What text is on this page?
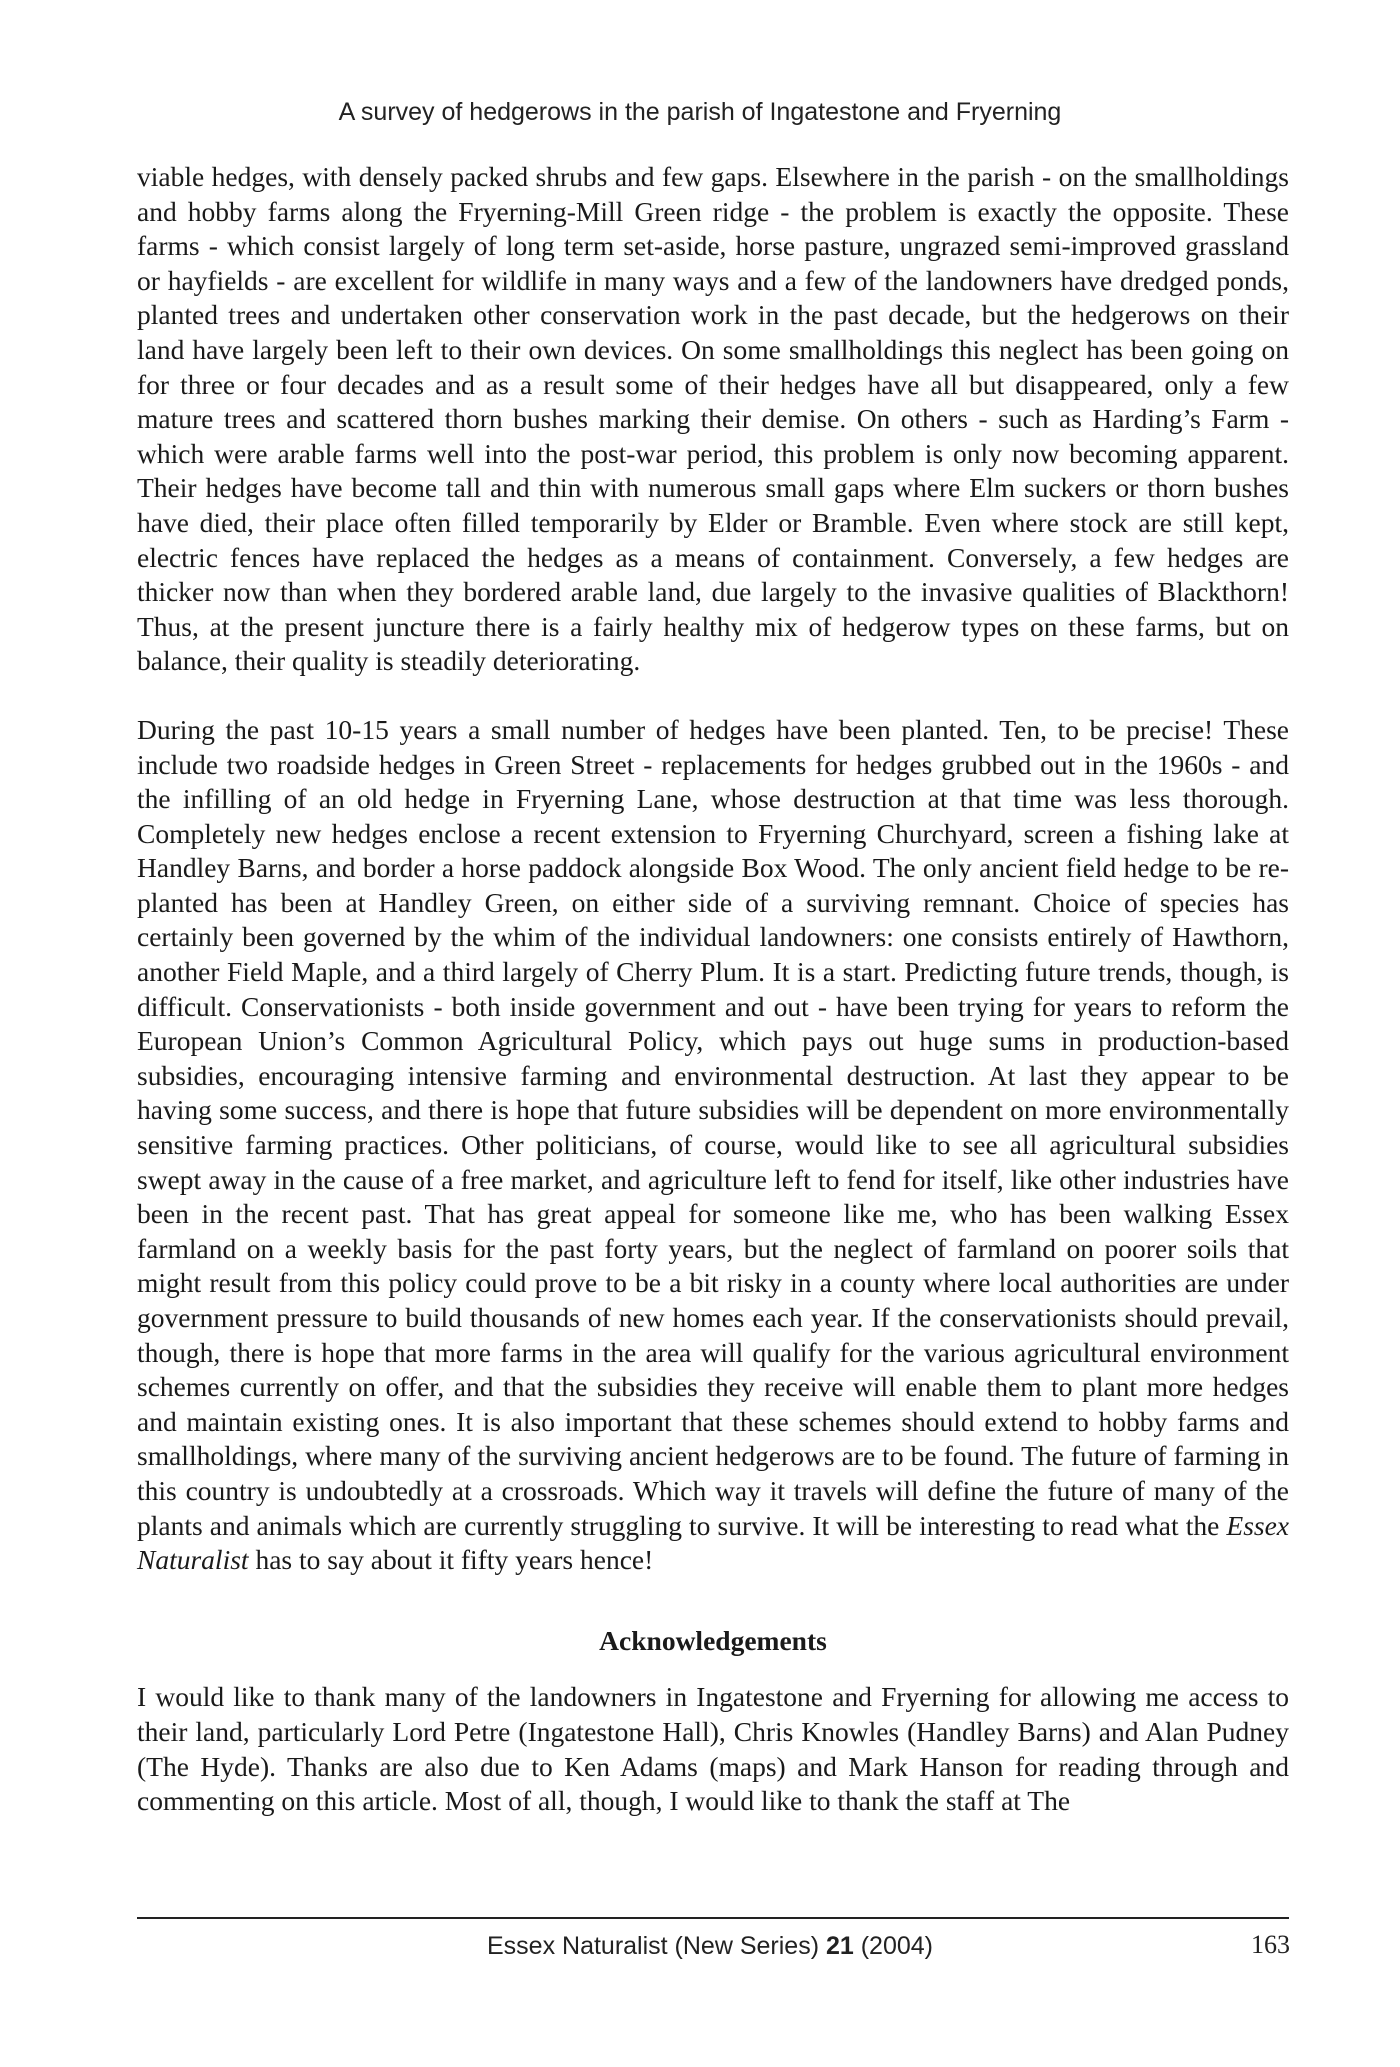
A survey of hedgerows in the parish of Ingatestone and Fryerning

viable hedges, with densely packed shrubs and few gaps. Elsewhere in the parish - on the smallholdings and hobby farms along the Fryerning-Mill Green ridge - the problem is exactly the opposite. These farms - which consist largely of long term set-aside, horse pasture, ungrazed semi-improved grassland or hayfields - are excellent for wildlife in many ways and a few of the landowners have dredged ponds, planted trees and undertaken other conservation work in the past decade, but the hedgerows on their land have largely been left to their own devices. On some smallholdings this neglect has been going on for three or four decades and as a result some of their hedges have all but disappeared, only a few mature trees and scattered thorn bushes marking their demise. On others - such as Harding’s Farm - which were arable farms well into the post-war period, this problem is only now becoming apparent. Their hedges have become tall and thin with numerous small gaps where Elm suckers or thorn bushes have died, their place often filled temporarily by Elder or Bramble. Even where stock are still kept, electric fences have replaced the hedges as a means of containment. Conversely, a few hedges are thicker now than when they bordered arable land, due largely to the invasive qualities of Blackthorn! Thus, at the present juncture there is a fairly healthy mix of hedgerow types on these farms, but on balance, their quality is steadily deteriorating.

During the past 10-15 years a small number of hedges have been planted. Ten, to be precise! These include two roadside hedges in Green Street - replacements for hedges grubbed out in the 1960s - and the infilling of an old hedge in Fryerning Lane, whose destruction at that time was less thorough. Completely new hedges enclose a recent extension to Fryerning Churchyard, screen a fishing lake at Handley Barns, and border a horse paddock alongside Box Wood. The only ancient field hedge to be re-planted has been at Handley Green, on either side of a surviving remnant. Choice of species has certainly been governed by the whim of the individual landowners: one consists entirely of Hawthorn, another Field Maple, and a third largely of Cherry Plum. It is a start. Predicting future trends, though, is difficult. Conservationists - both inside government and out - have been trying for years to reform the European Union’s Common Agricultural Policy, which pays out huge sums in production-based subsidies, encouraging intensive farming and environmental destruction. At last they appear to be having some success, and there is hope that future subsidies will be dependent on more environmentally sensitive farming practices. Other politicians, of course, would like to see all agricultural subsidies swept away in the cause of a free market, and agriculture left to fend for itself, like other industries have been in the recent past. That has great appeal for someone like me, who has been walking Essex farmland on a weekly basis for the past forty years, but the neglect of farmland on poorer soils that might result from this policy could prove to be a bit risky in a county where local authorities are under government pressure to build thousands of new homes each year. If the conservationists should prevail, though, there is hope that more farms in the area will qualify for the various agricultural environment schemes currently on offer, and that the subsidies they receive will enable them to plant more hedges and maintain existing ones. It is also important that these schemes should extend to hobby farms and smallholdings, where many of the surviving ancient hedgerows are to be found. The future of farming in this country is undoubtedly at a crossroads. Which way it travels will define the future of many of the plants and animals which are currently struggling to survive. It will be interesting to read what the Essex Naturalist has to say about it fifty years hence!

Acknowledgements

I would like to thank many of the landowners in Ingatestone and Fryerning for allowing me access to their land, particularly Lord Petre (Ingatestone Hall), Chris Knowles (Handley Barns) and Alan Pudney (The Hyde). Thanks are also due to Ken Adams (maps) and Mark Hanson for reading through and commenting on this article. Most of all, though, I would like to thank the staff at The

Essex Naturalist (New Series) 21 (2004)	163
